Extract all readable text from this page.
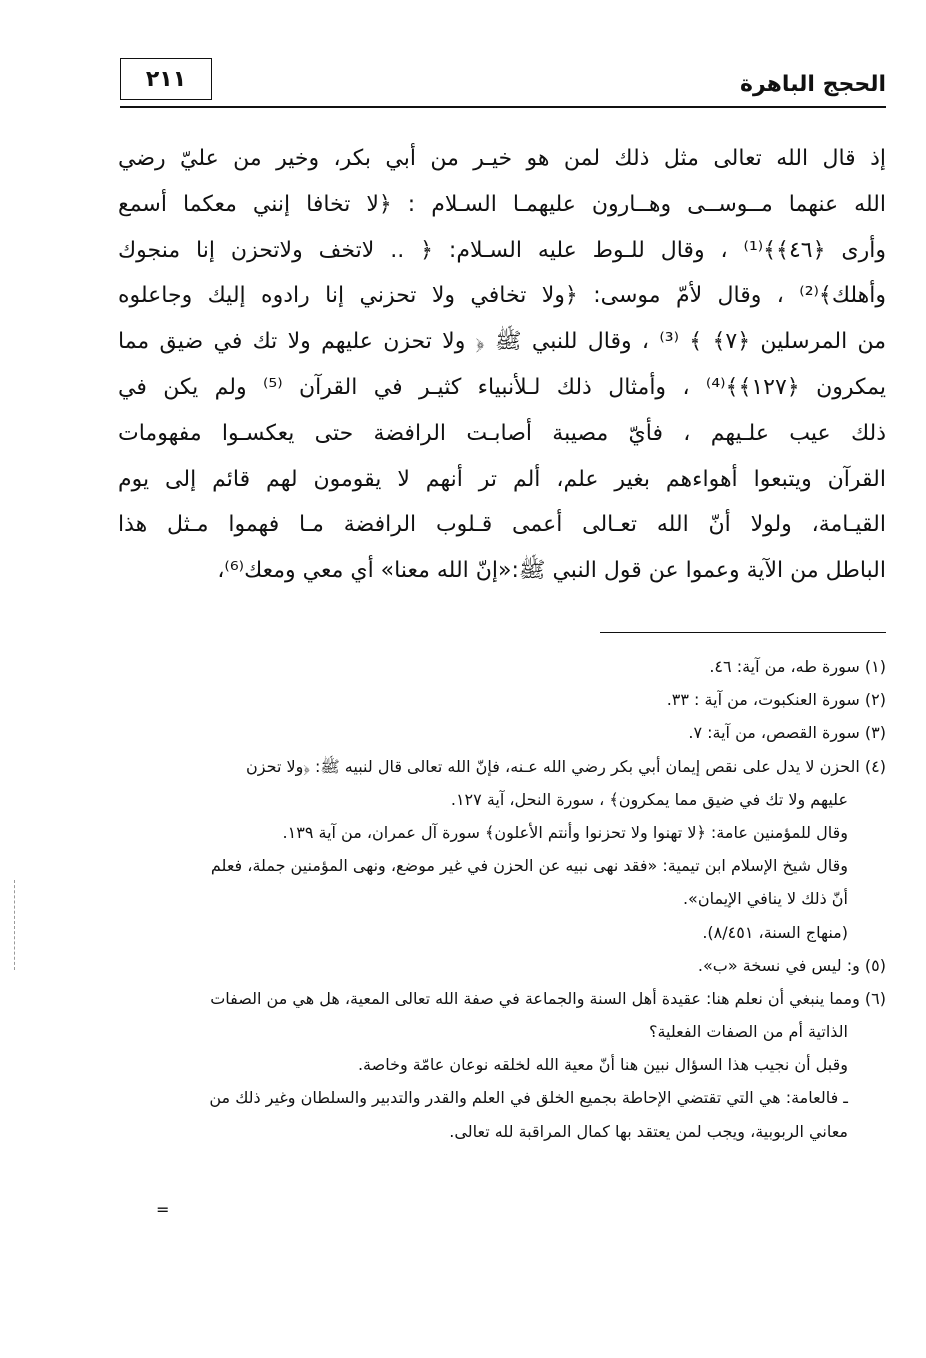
٢١١	الحجج الباهرة
إذ قال الله تعالى مثل ذلك لمن هو خيـر من أبي بكر، وخير من عليّ رضي
الله عنهما مــوســى وهــارون عليهمـا السـلام : ﴿لا تخافا إنني معكما أسمع
وأرى ﴿٤٦﴾﴾⁽¹⁾ ، وقال للـوط عليه السـلام: ﴿ .. لاتخف ولاتحزن إنا منجوك
وأهلك﴾⁽²⁾ ، وقال لأمّ موسى: ﴿ولا تخافي ولا تحزني إنا رادوه إليك وجاعلوه
من المرسلين ﴿٧﴾ ﴾ ⁽³⁾ ، وقال للنبي ﷺ ﴿ ولا تحزن عليهم ولا تك في ضيق مما
يمكرون ﴿١٢٧﴾﴾⁽⁴⁾ ، وأمثال ذلك لـلأنبياء كثيـر في القرآن ⁽⁵⁾ ولم يكن في
ذلك عيب علـيهم ، فأيّ مصيبة أصابـت الرافضة حتى يعكسـوا مفهومات
القرآن ويتبعوا أهواءهم بغير علم، ألم تر أنهم لا يقومون لهم قائم إلى يوم
القيـامة، ولولا أنّ الله تعـالى أعمى قـلوب الرافضة مـا فهموا مـثل هذا
الباطل من الآية وعموا عن قول النبي ﷺ:«إنّ الله معنا» أي معي ومعك⁽⁶⁾،
(١) سورة طه، من آية: ٤٦.
(٢) سورة العنكبوت، من آية : ٣٣.
(٣) سورة القصص، من آية: ٧.
(٤) الحزن لا يدل على نقص إيمان أبي بكر رضي الله عـنه، فإنّ الله تعالى قال لنبيه ﷺ: ﴿ولا تحزن
عليهم ولا تك في ضيق مما يمكرون﴾ ، سورة النحل، آية ١٢٧.
وقال للمؤمنين عامة: ﴿لا تهنوا ولا تحزنوا وأنتم الأعلون﴾ سورة آل عمران، من آية ١٣٩.
وقال شيخ الإسلام ابن تيمية: «فقد نهى نبيه عن الحزن في غير موضع، ونهى المؤمنين جملة، فعلم
أنّ ذلك لا ينافي الإيمان».
(منهاج السنة، ٨/٤٥١).
(٥) و: ليس في نسخة «ب».
(٦) ومما ينبغي أن نعلم هنا: عقيدة أهل السنة والجماعة في صفة الله تعالى المعية، هل هي من الصفات
الذاتية أم من الصفات الفعلية؟
وقبل أن نجيب هذا السؤال نبين هنا أنّ معية الله لخلقه نوعان عامّة وخاصة.
ـ فالعامة: هي التي تقتضي الإحاطة بجميع الخلق في العلم والقدر والتدبير والسلطان وغير ذلك من
معاني الربوبية، ويجب لمن يعتقد بها كمال المراقبة لله تعالى.
=
